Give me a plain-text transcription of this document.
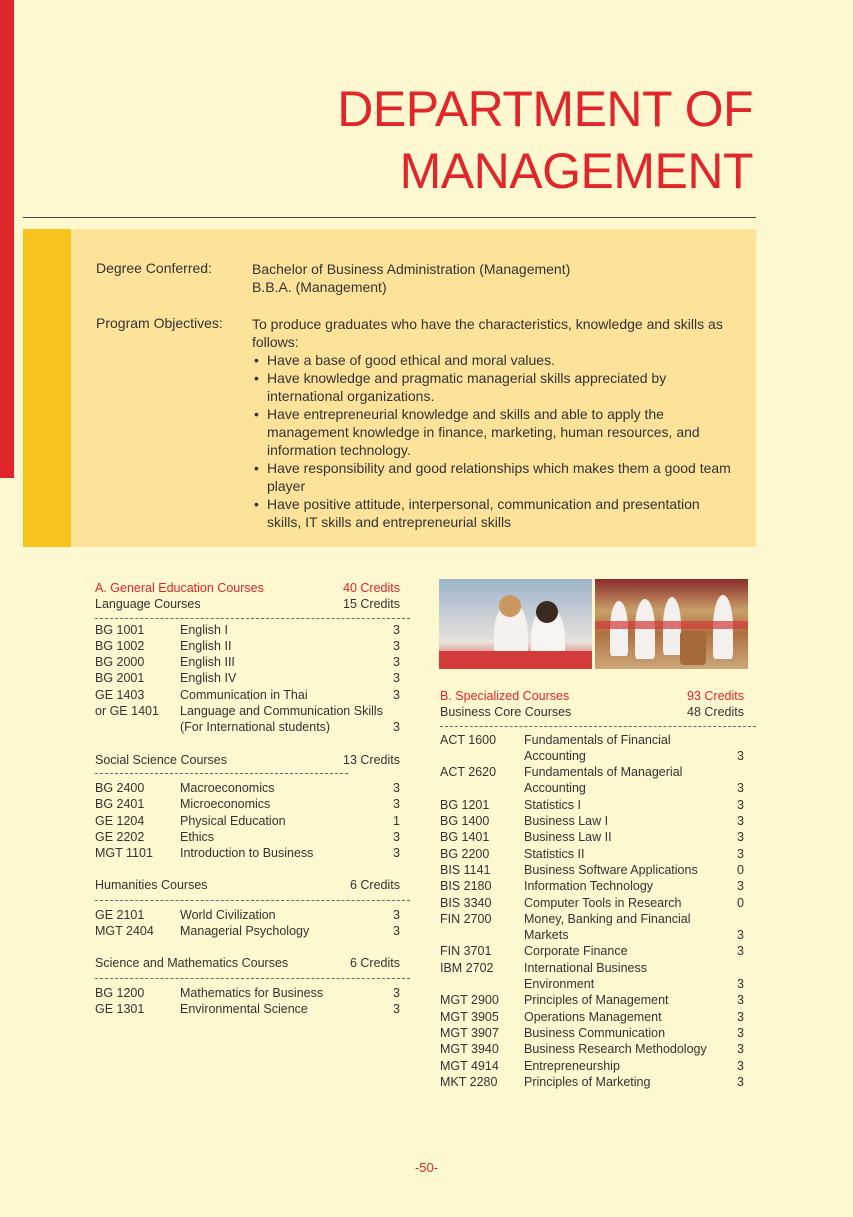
DEPARTMENT OF
MANAGEMENT
Degree Conferred:	Bachelor of Business Administration (Management)
B.B.A. (Management)
Program Objectives: To produce graduates who have the characteristics, knowledge and skills as follows:
• Have a base of good ethical and moral values.
• Have knowledge and pragmatic managerial skills appreciated by international organizations.
• Have entrepreneurial knowledge and skills and able to apply the management knowledge in finance, marketing, human resources, and information technology.
• Have responsibility and good relationships which makes them a good team player
• Have positive attitude, interpersonal, communication and presentation skills, IT skills and entrepreneurial skills
A. General Education Courses	40 Credits
Language Courses	15 Credits
BG 1001	English I	3
BG 1002	English II	3
BG 2000	English III	3
BG 2001	English IV	3
GE 1403	Communication in Thai	3
or GE 1401 Language and Communication Skills
(For International students)	3
Social Science Courses	13 Credits
BG 2400	Macroeconomics	3
BG 2401	Microeconomics	3
GE 1204	Physical Education	1
GE 2202	Ethics	3
MGT 1101 Introduction to Business	3
Humanities Courses	6 Credits
GE 2101	World Civilization	3
MGT 2404 Managerial Psychology	3
Science and Mathematics Courses	6 Credits
BG 1200	Mathematics for Business	3
GE 1301	Environmental Science	3
B. Specialized Courses	93 Credits
Business Core Courses	48 Credits
ACT 1600 Fundamentals of Financial
Accounting	3
ACT 2620 Fundamentals of Managerial
Accounting	3
BG 1201	Statistics I	3
BG 1400	Business Law I	3
BG 1401	Business Law II	3
BG 2200	Statistics II	3
BIS 1141	Business Software Applications	0
BIS 2180	Information Technology	3
BIS 3340	Computer Tools in Research	0
FIN 2700	Money, Banking and Financial
Markets	3
FIN 3701	Corporate Finance	3
IBM 2702 International Business
Environment	3
MGT 2900 Principles of Management	3
MGT 3905 Operations Management	3
MGT 3907 Business Communication	3
MGT 3940 Business Research Methodology 3
MGT 4914 Entrepreneurship	3
MKT 2280 Principles of Marketing	3
-50-
